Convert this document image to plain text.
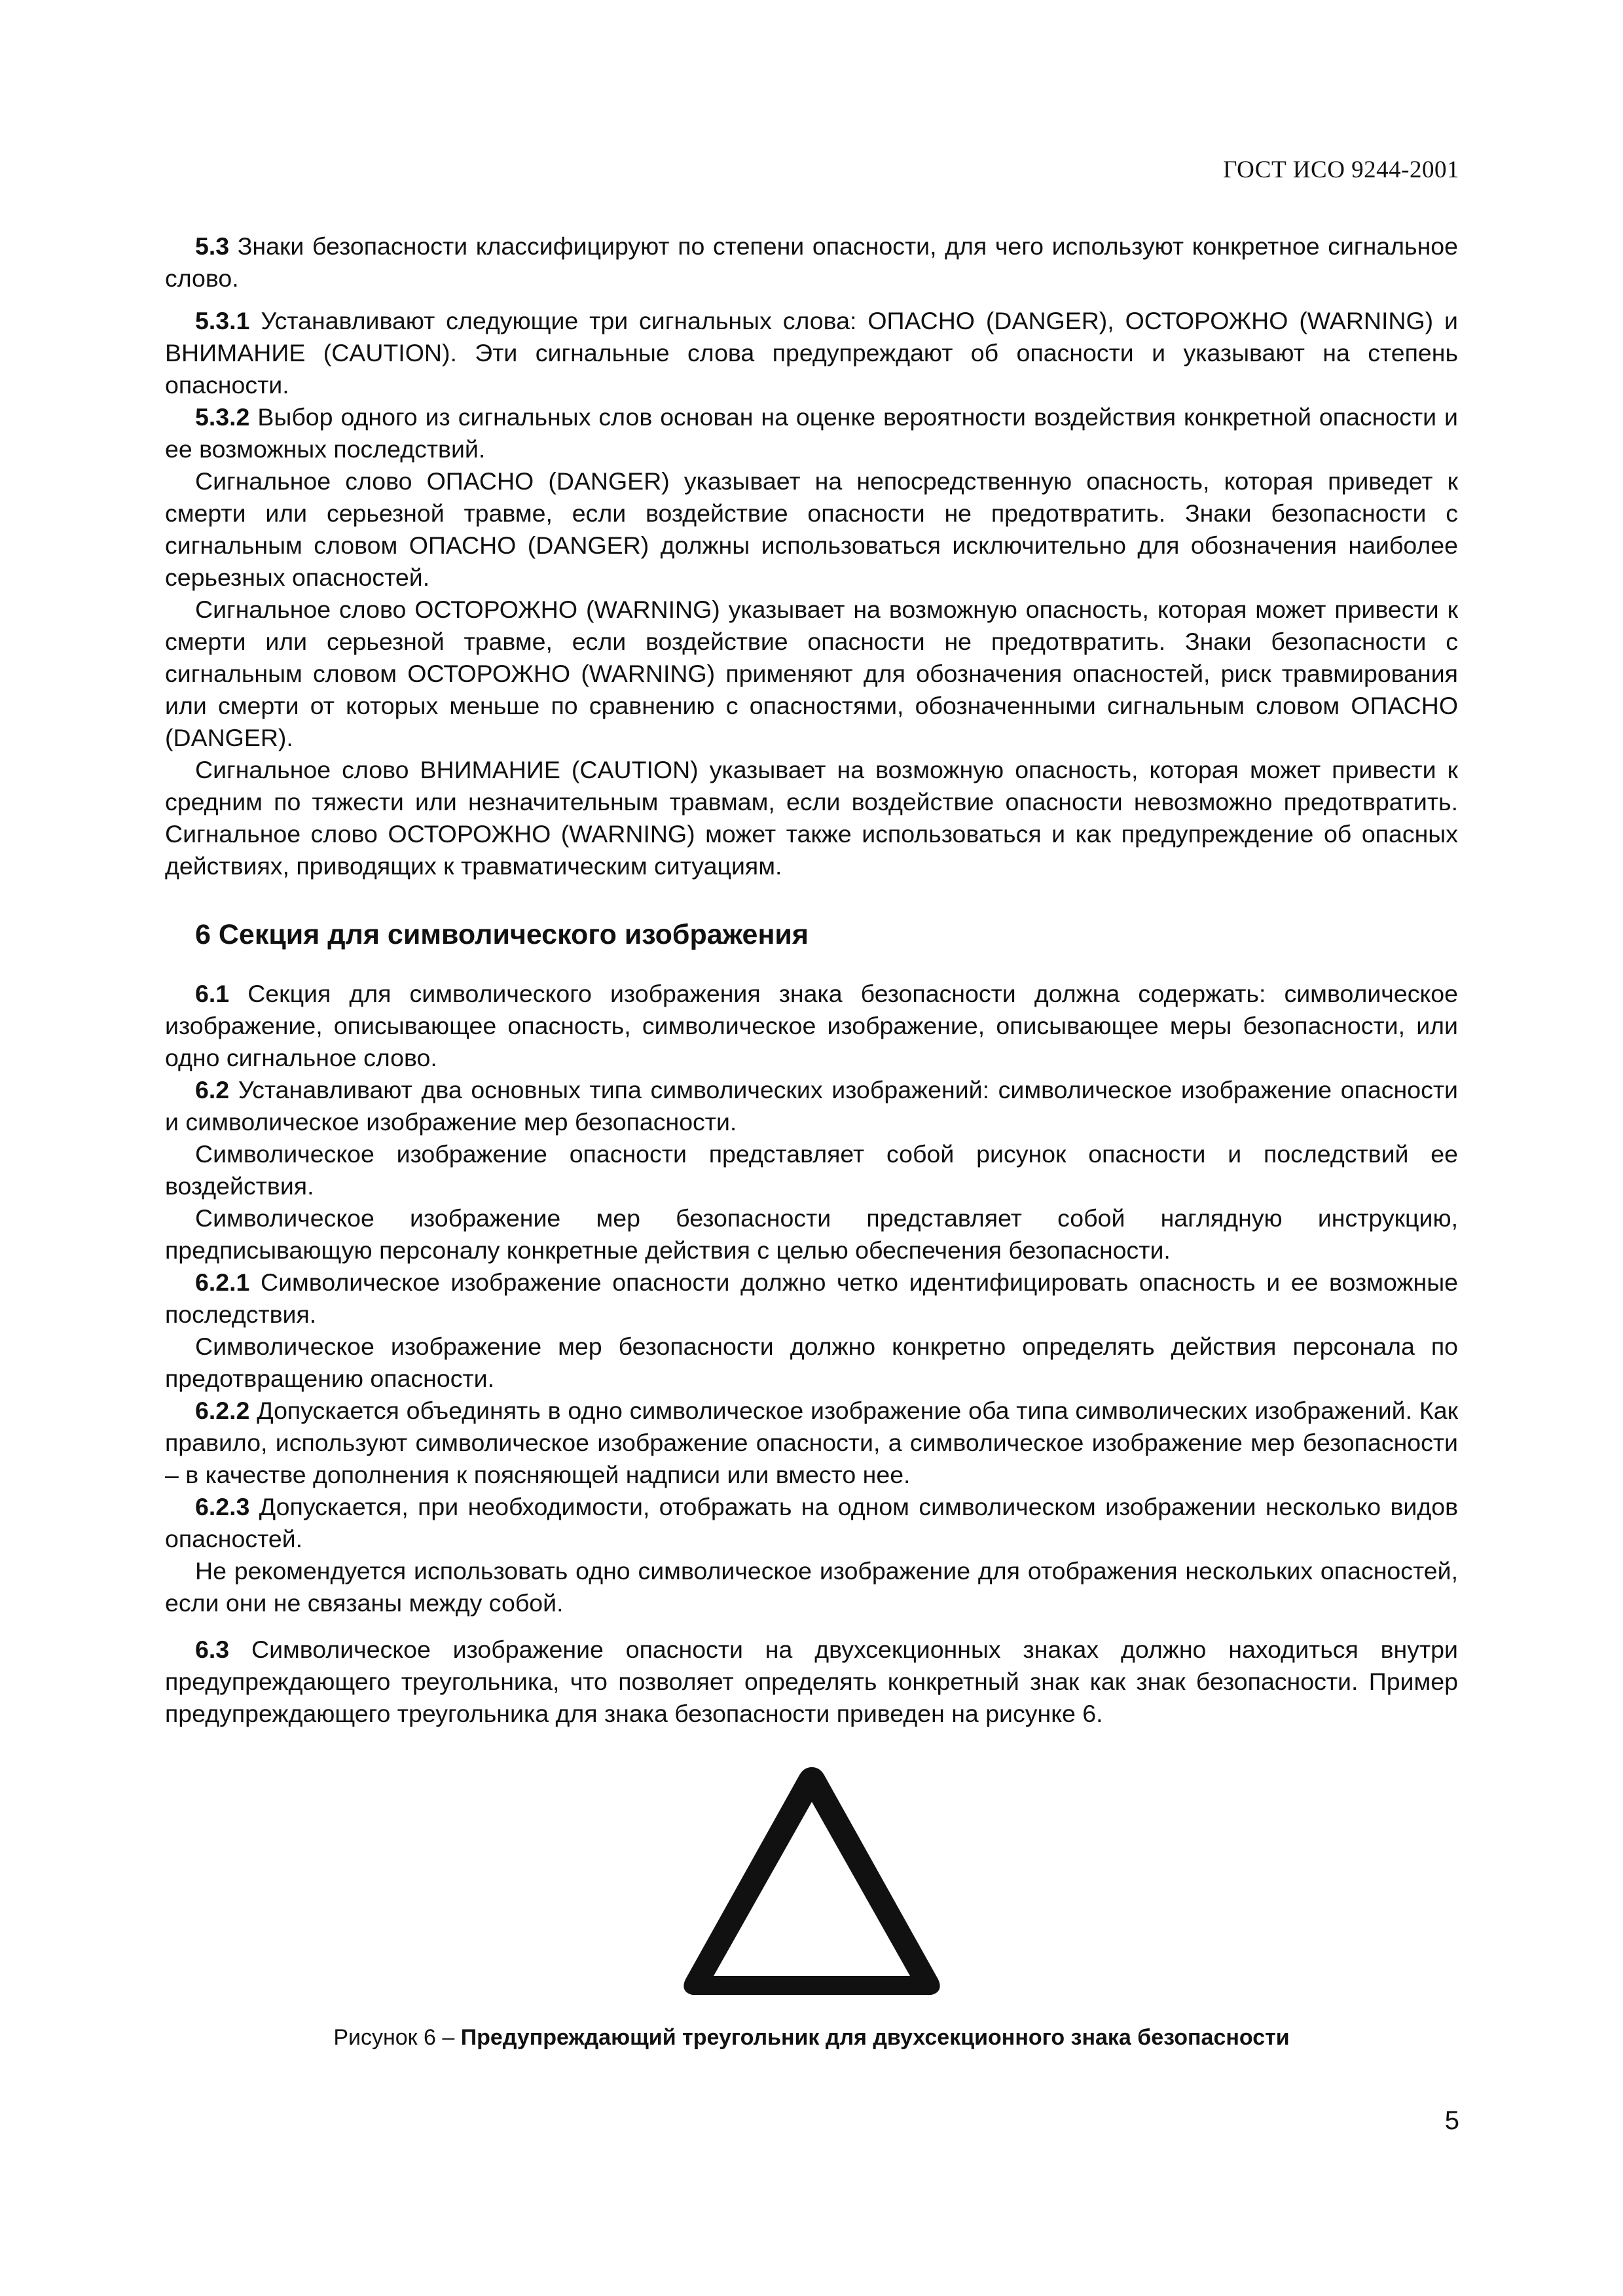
ГОСТ ИСО 9244-2001

5.3 Знаки безопасности классифицируют по степени опасности, для чего используют конкретное сигнальное слово.

5.3.1 Устанавливают следующие три сигнальных слова: ОПАСНО (DANGER), ОСТОРОЖНО (WARNING) и ВНИМАНИЕ (CAUTION). Эти сигнальные слова предупреждают об опасности и указывают на степень опасности.

5.3.2 Выбор одного из сигнальных слов основан на оценке вероятности воздействия конкретной опасности и ее возможных последствий.

Сигнальное слово ОПАСНО (DANGER) указывает на непосредственную опасность, которая приведет к смерти или серьезной травме, если воздействие опасности не предотвратить. Знаки безопасности с сигнальным словом ОПАСНО (DANGER) должны использоваться исключительно для обозначения наиболее серьезных опасностей.

Сигнальное слово ОСТОРОЖНО (WARNING) указывает на возможную опасность, которая может привести к смерти или серьезной травме, если воздействие опасности не предотвратить. Знаки безопасности с сигнальным словом ОСТОРОЖНО (WARNING) применяют для обозначения опасностей, риск травмирования или смерти от которых меньше по сравнению с опасностями, обозначенными сигнальным словом ОПАСНО (DANGER).

Сигнальное слово ВНИМАНИЕ (CAUTION) указывает на возможную опасность, которая может привести к средним по тяжести или незначительным травмам, если воздействие опасности невозможно предотвратить. Сигнальное слово ОСТОРОЖНО (WARNING) может также использоваться и как предупреждение об опасных действиях, приводящих к травматическим ситуациям.

6 Секция для символического изображения

6.1 Секция для символического изображения знака безопасности должна содержать: символическое изображение, описывающее опасность, символическое изображение, описывающее меры безопасности, или одно сигнальное слово.

6.2 Устанавливают два основных типа символических изображений: символическое изображение опасности и символическое изображение мер безопасности.

Символическое изображение опасности представляет собой рисунок опасности и последствий ее воздействия.

Символическое изображение мер безопасности представляет собой наглядную инструкцию, предписывающую персоналу конкретные действия с целью обеспечения безопасности.

6.2.1 Символическое изображение опасности должно четко идентифицировать опасность и ее возможные последствия.

Символическое изображение мер безопасности должно конкретно определять действия персонала по предотвращению опасности.

6.2.2 Допускается объединять в одно символическое изображение оба типа символических изображений. Как правило, используют символическое изображение опасности, а символическое изображение мер безопасности – в качестве дополнения к поясняющей надписи или вместо нее.

6.2.3 Допускается, при необходимости, отображать на одном символическом изображении несколько видов опасностей.

Не рекомендуется использовать одно символическое изображение для отображения нескольких опасностей, если они не связаны между собой.

6.3 Символическое изображение опасности на двухсекционных знаках должно находиться внутри предупреждающего треугольника, что позволяет определять конкретный знак как знак безопасности. Пример предупреждающего треугольника для знака безопасности приведен на рисунке 6.

Рисунок 6 – Предупреждающий треугольник для двухсекционного знака безопасности
5
